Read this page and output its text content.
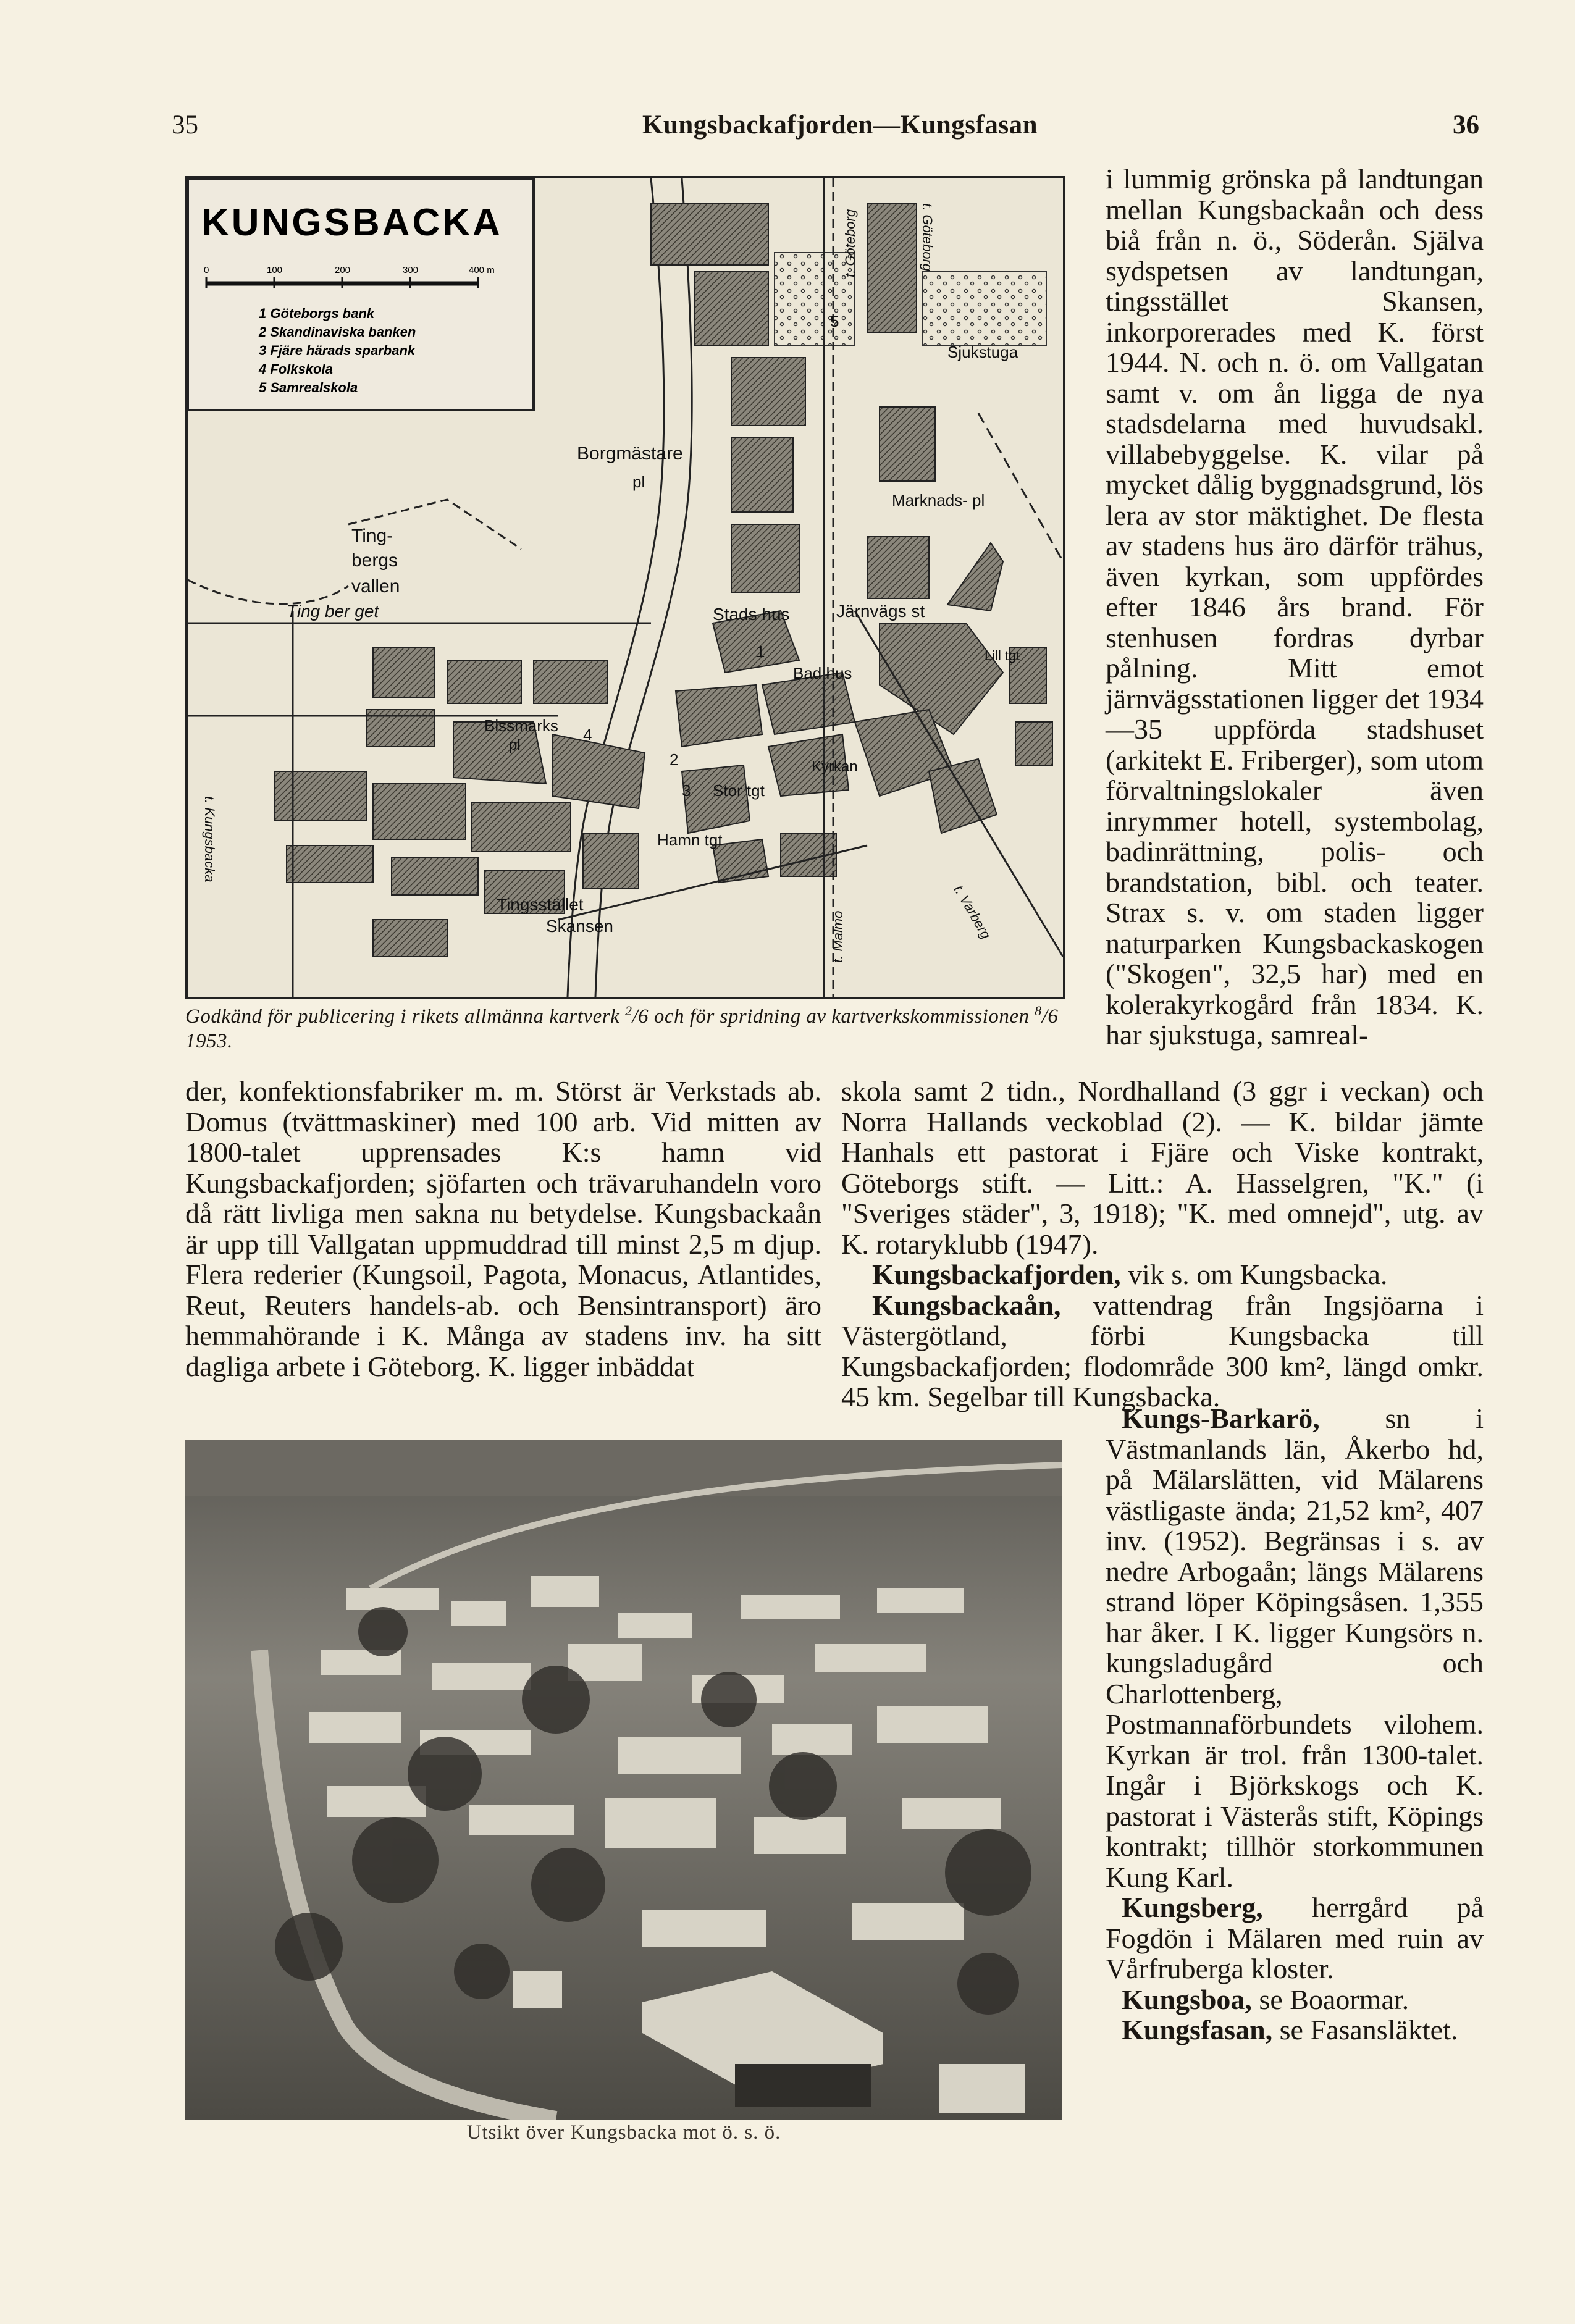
35	Kungsbackafjorden—Kungsfasan	36
KUNGSBACKA
0	100	200	300	400 m
1 Göteborgs bank
2 Skandinaviska banken
3 Fjäre härads sparbank
4 Folkskola
5 Samrealskola
Borgmästare
pl
Ting-
bergs
vallen
Ting ber get
Bissmarks
pl
Stads hus	Järnvägs st
Bad hus
Stor tgt
Hamn tgt
Tingsstället
Skansen
Marknads- pl
Sjukstuga
Lill tgt
Kyrkan
t. Göteborg
t. Malmö	t. Varberg
t. Göteborg
t. Kungsbacka
5
1
2
3
4
Godkänd för publicering i rikets allmänna kartverk $^2$/6 och för spridning av kartverkskommissionen $^8$/6 1953.

der, konfektionsfabriker m. m. Störst är Verkstads ab. Domus (tvättmaskiner) med 100 arb. Vid mitten av 1800-talet upprensades K:s hamn vid Kungsbackafjorden; sjöfarten och trävaruhandeln voro då rätt livliga men sakna nu betydelse. Kungsbackaån är upp till Vallgatan uppmuddrad till minst 2,5 m djup. Flera rederier (Kungsoil, Pagota, Monacus, Atlantides, Reut, Reuters handels-ab. och Bensintransport) äro hemmahörande i K. Många av stadens inv. ha sitt dagliga arbete i Göteborg. K. ligger inbäddat

skola samt 2 tidn., Nordhalland (3 ggr i veckan) och Norra Hallands veckoblad (2). — K. bildar jämte Hanhals ett pastorat i Fjäre och Viske kontrakt, Göteborgs stift. — Litt.: A. Hasselgren, "K." (i "Sveriges städer", 3, 1918); "K. med omnejd", utg. av K. rotaryklubb (1947).

Kungsbackafjorden, vik s. om Kungsbacka.

Kungsbackaån, vattendrag från Ingsjöarna i Västergötland, förbi Kungsbacka till Kungsbackafjorden; flodområde 300 km², längd omkr. 45 km. Segelbar till Kungsbacka.

i lummig grönska på landtungan mellan Kungsbackaån och dess biå från n. ö., Söderån. Själva sydspetsen av landtungan, tingsstället Skansen, inkorporerades med K. först 1944. N. och n. ö. om Vallgatan samt v. om ån ligga de nya stadsdelarna med huvudsakl. villabebyggelse. K. vilar på mycket dålig byggnadsgrund, lös lera av stor mäktighet. De flesta av stadens hus äro därför trähus, även kyrkan, som uppfördes efter 1846 års brand. För stenhusen fordras dyrbar pålning. Mitt emot järnvägsstationen ligger det 1934—35 uppförda stadshuset (arkitekt E. Friberger), som utom förvaltningslokaler även inrymmer hotell, systembolag, badinrättning, polis- och brandstation, bibl. och teater. Strax s. v. om staden ligger naturparken Kungsbackaskogen ("Skogen", 32,5 har) med en kolerakyrkogård från 1834. K. har sjukstuga, samreal-

Kungs-Barkarö, sn i Västmanlands län, Åkerbo hd, på Mälarslätten, vid Mälarens västligaste ända; 21,52 km², 407 inv. (1952). Begränsas i s. av nedre Arbogaån; längs Mälarens strand löper Köpingsåsen. 1,355 har åker. I K. ligger Kungsörs n. kungsladugård och Charlottenberg, Postmannaförbundets vilohem. Kyrkan är trol. från 1300-talet. Ingår i Björkskogs och K. pastorat i Västerås stift, Köpings kontrakt; tillhör storkommunen Kung Karl.

Kungsberg, herrgård på Fogdön i Mälaren med ruin av Vårfruberga kloster.

Kungsboa, se Boaormar.

Kungsfasan, se Fasansläktet.

Utsikt över Kungsbacka mot ö. s. ö.
